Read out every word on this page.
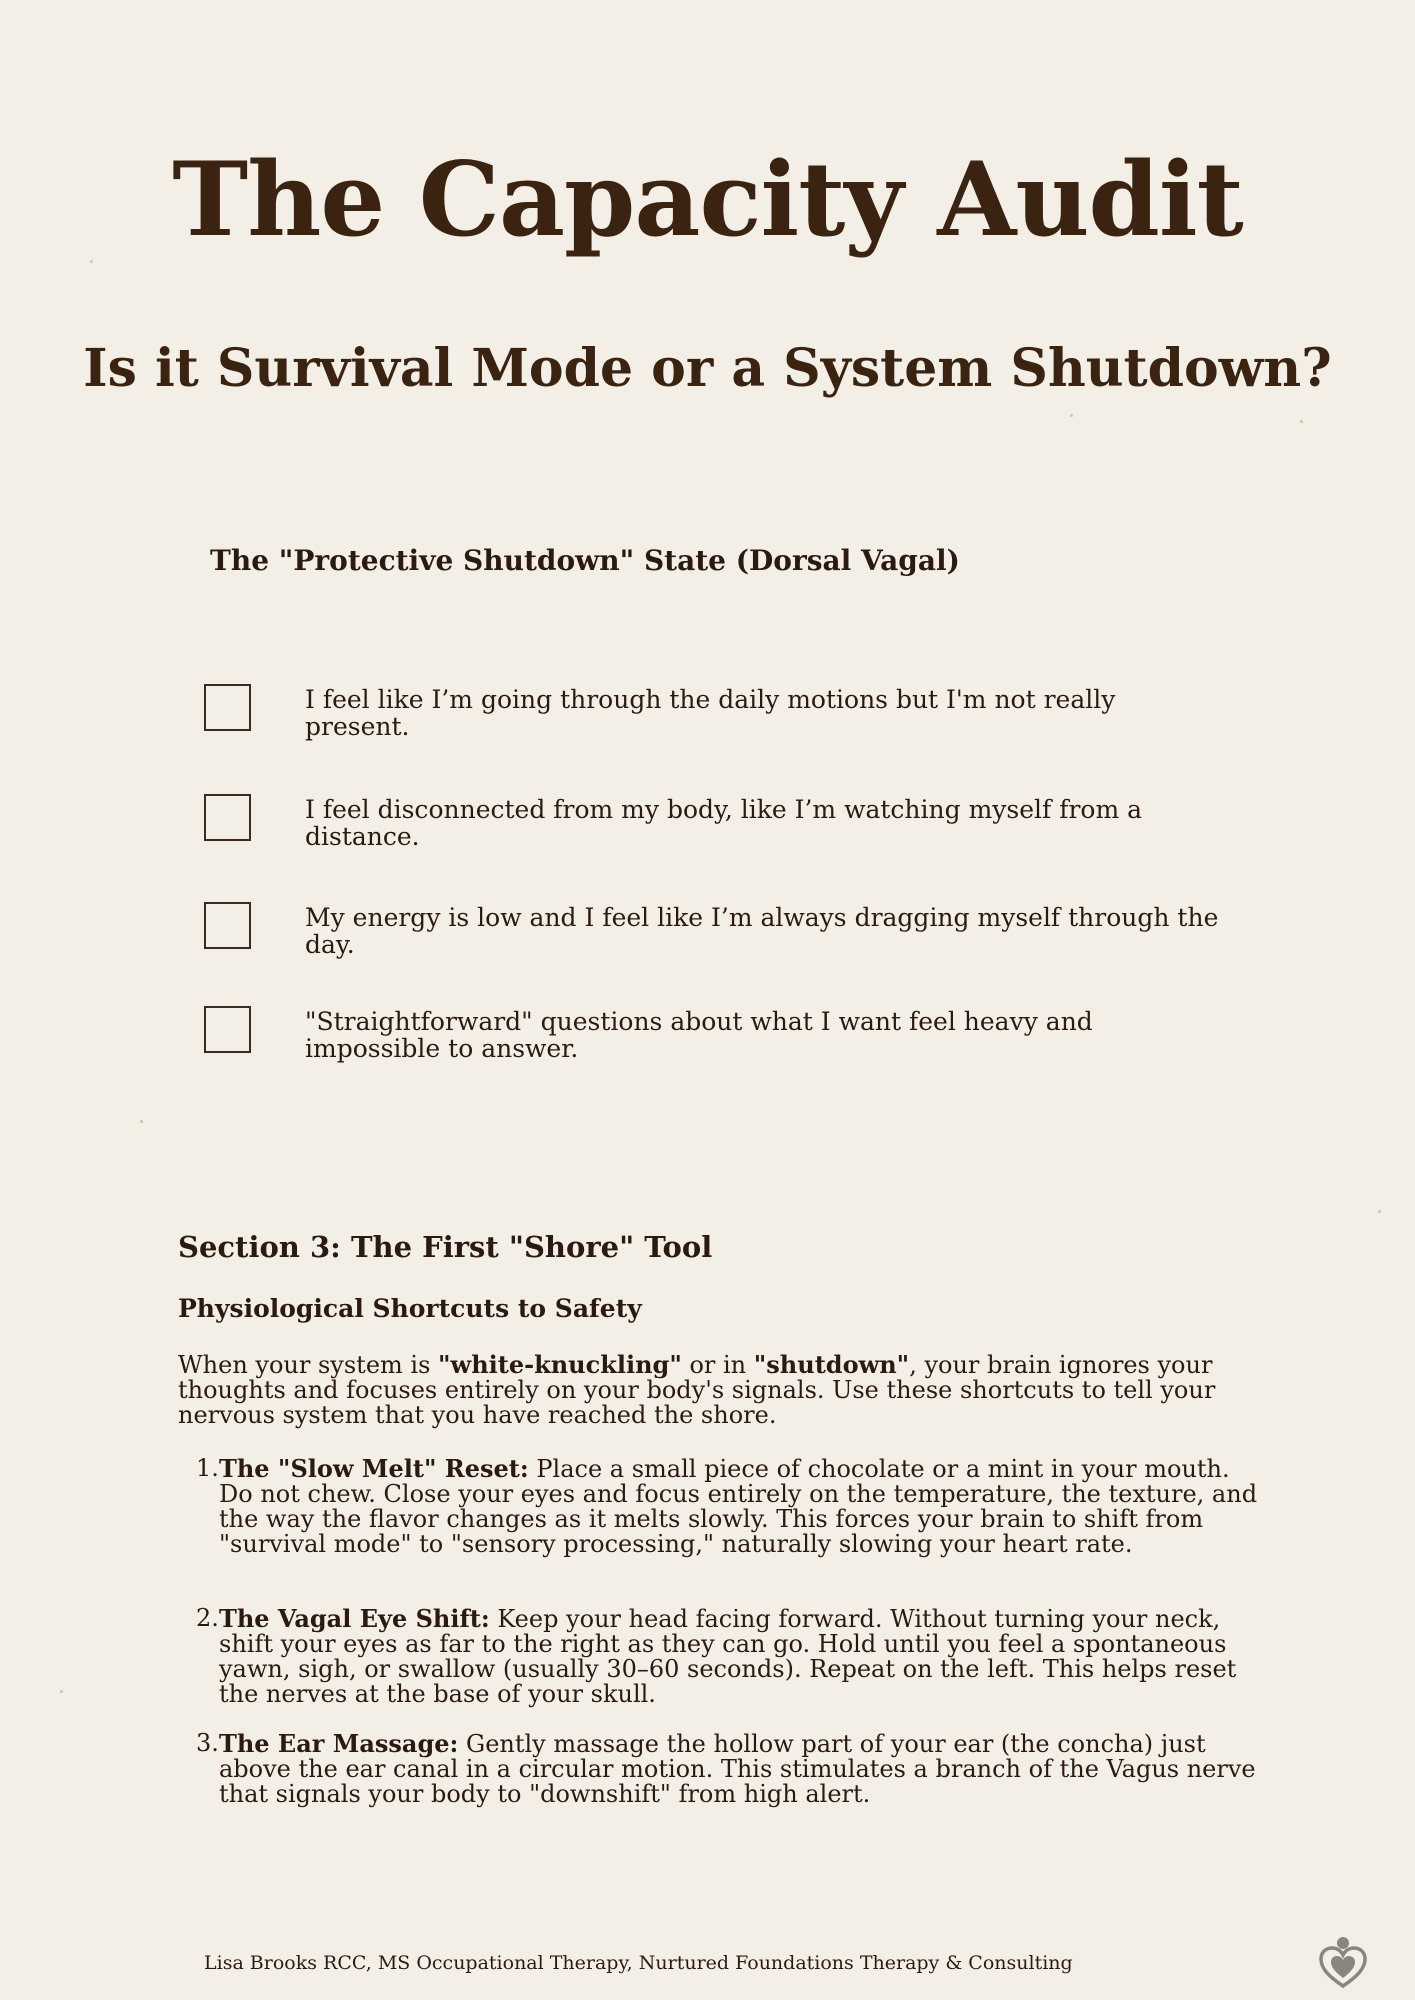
The Capacity Audit
Is it Survival Mode or a System Shutdown?
The "Protective Shutdown" State (Dorsal Vagal)
I feel like I’m going through the daily motions but I'm not really present.
I feel disconnected from my body, like I’m watching myself from a distance.
My energy is low and I feel like I’m always dragging myself through the day.
"Straightforward" questions about what I want feel heavy and impossible to answer.
Section 3: The First "Shore" Tool
Physiological Shortcuts to Safety

When your system is "white-knuckling" or in "shutdown", your brain ignores your thoughts and focuses entirely on your body's signals. Use these shortcuts to tell your nervous system that you have reached the shore.

1. The "Slow Melt" Reset: Place a small piece of chocolate or a mint in your mouth. Do not chew. Close your eyes and focus entirely on the temperature, the texture, and the way the flavor changes as it melts slowly. This forces your brain to shift from "survival mode" to "sensory processing," naturally slowing your heart rate.
2. The Vagal Eye Shift: Keep your head facing forward. Without turning your neck, shift your eyes as far to the right as they can go. Hold until you feel a spontaneous yawn, sigh, or swallow (usually 30–60 seconds). Repeat on the left. This helps reset the nerves at the base of your skull.
3. The Ear Massage: Gently massage the hollow part of your ear (the concha) just above the ear canal in a circular motion. This stimulates a branch of the Vagus nerve that signals your body to "downshift" from high alert.

Lisa Brooks RCC, MS Occupational Therapy, Nurtured Foundations Therapy & Consulting
